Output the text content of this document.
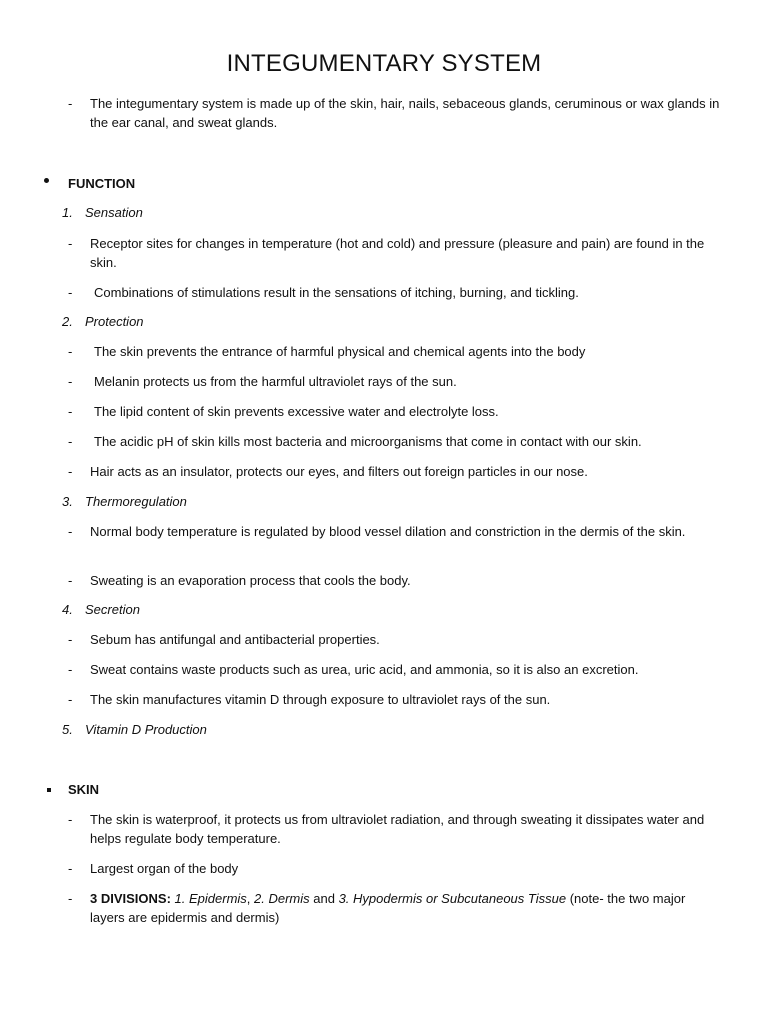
INTEGUMENTARY SYSTEM
- The integumentary system is made up of the skin, hair, nails, sebaceous glands, ceruminous or wax glands in the ear canal, and sweat glands.
FUNCTION
1. Sensation
- Receptor sites for changes in temperature (hot and cold) and pressure (pleasure and pain) are found in the skin.
- Combinations of stimulations result in the sensations of itching, burning, and tickling.
2. Protection
- The skin prevents the entrance of harmful physical and chemical agents into the body
- Melanin protects us from the harmful ultraviolet rays of the sun.
- The lipid content of skin prevents excessive water and electrolyte loss.
- The acidic pH of skin kills most bacteria and microorganisms that come in contact with our skin.
- Hair acts as an insulator, protects our eyes, and filters out foreign particles in our nose.
3. Thermoregulation
- Normal body temperature is regulated by blood vessel dilation and constriction in the dermis of the skin.
- Sweating is an evaporation process that cools the body.
4. Secretion
- Sebum has antifungal and antibacterial properties.
- Sweat contains waste products such as urea, uric acid, and ammonia, so it is also an excretion.
- The skin manufactures vitamin D through exposure to ultraviolet rays of the sun.
5. Vitamin D Production
SKIN
- The skin is waterproof, it protects us from ultraviolet radiation, and through sweating it dissipates water and helps regulate body temperature.
- Largest organ of the body
- 3 DIVISIONS: 1. Epidermis, 2. Dermis and 3. Hypodermis or Subcutaneous Tissue (note- the two major layers are epidermis and dermis)
